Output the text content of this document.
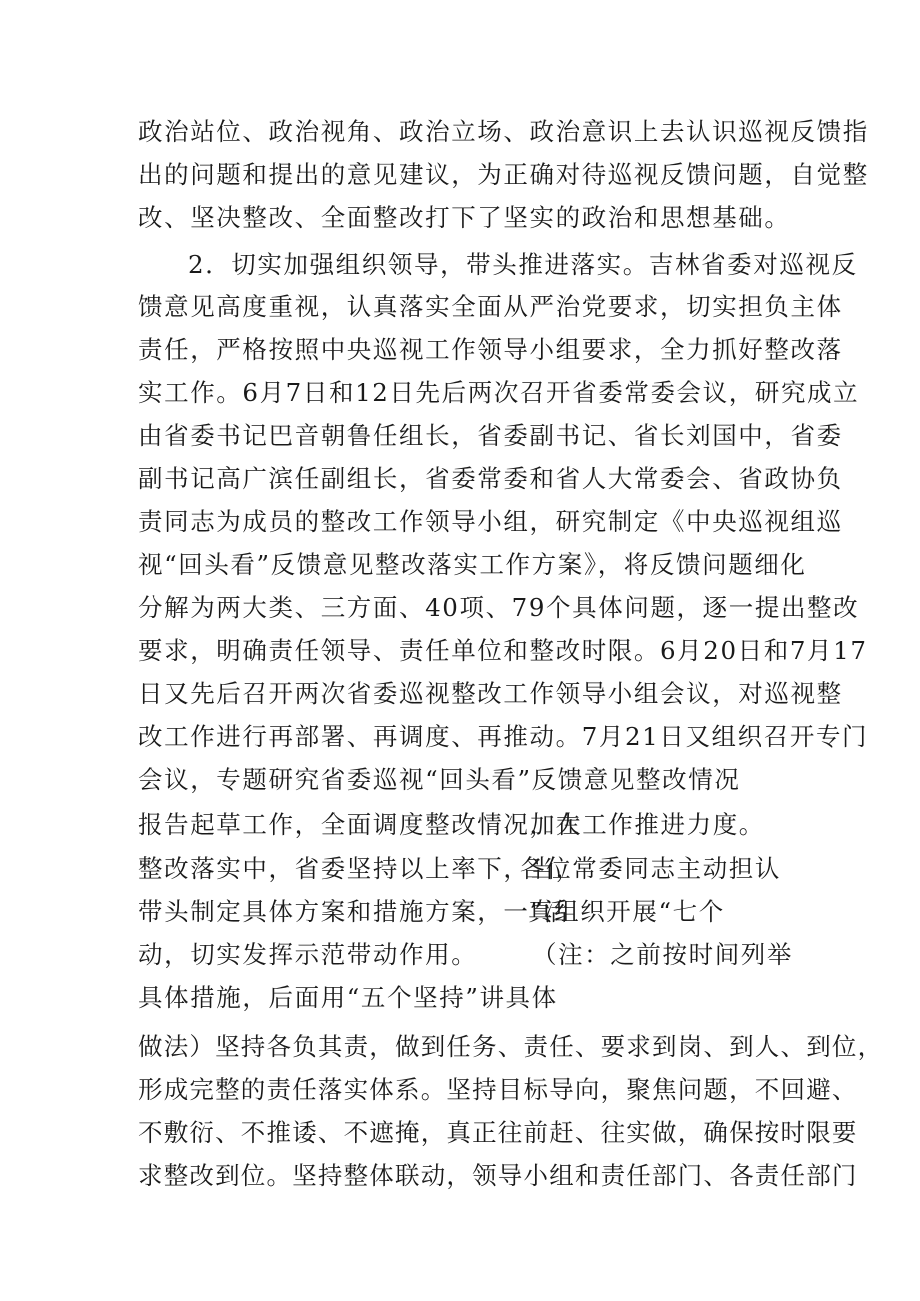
政治站位、政治视角、政治立场、政治意识上去认识巡视反馈指
出的问题和提出的意见建议，为正确对待巡视反馈问题，自觉整
改、坚决整改、全面整改打下了坚实的政治和思想基础。
2．切实加强组织领导，带头推进落实。吉林省委对巡视反
馈意见高度重视，认真落实全面从严治党要求，切实担负主体
责任，严格按照中央巡视工作领导小组要求，全力抓好整改落
实工作。6月7日和12日先后两次召开省委常委会议，研究成立
由省委书记巴音朝鲁任组长，省委副书记、省长刘国中，省委
副书记高广滨任副组长，省委常委和省人大常委会、省政协负
责同志为成员的整改工作领导小组，研究制定《中央巡视组巡
视“回头看”反馈意见整改落实工作方案》，将反馈问题细化
分解为两大类、三方面、40项、79个具体问题，逐一提出整改
要求，明确责任领导、责任单位和整改时限。6月20日和7月17
日又先后召开两次省委巡视整改工作领导小组会议，对巡视整
改工作进行再部署、再调度、再推动。7月21日又组织召开专门
会议，专题研究省委巡视“回头看”反馈意见整改情况
报告起草工作，全面调度整改情况，在
加大工作推进力度。
整改落实中，省委坚持以上率下，当，
各位常委同志主动担认
带头制定具体方案和措施方案，一”活
真组织开展“七个
动，切实发挥示范带动作用。 （注：之前按时间列举
具体措施，后面用“五个坚持”讲具体
做法）坚持各负其责，做到任务、责任、要求到岗、到人、到位，
形成完整的责任落实体系。坚持目标导向，聚焦问题，不回避、
不敷衍、不推诿、不遮掩，真正往前赶、往实做，确保按时限要
求整改到位。坚持整体联动，领导小组和责任部门、各责任部门
